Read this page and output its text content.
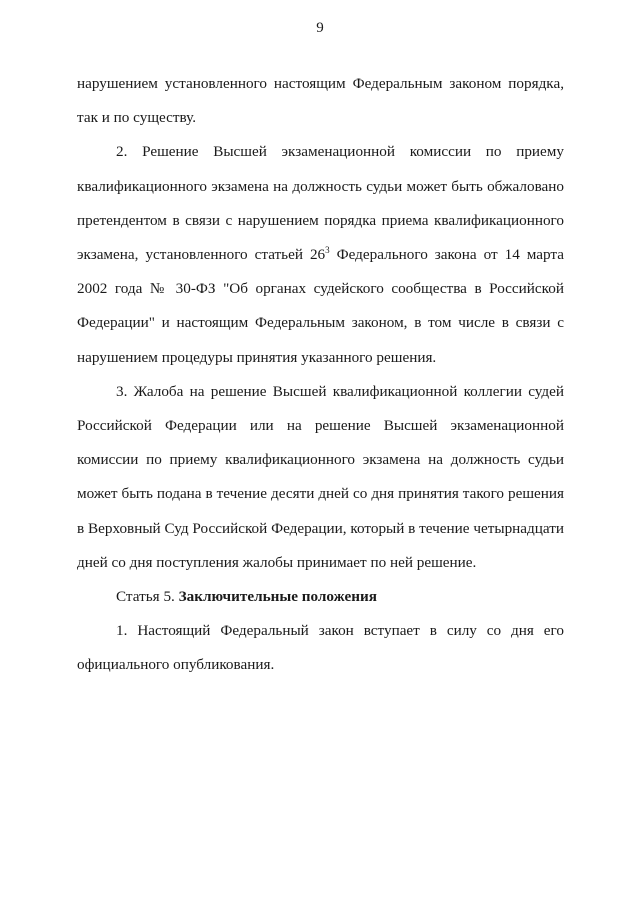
9

нарушением установленного настоящим Федеральным законом порядка, так и по существу.

2. Решение Высшей экзаменационной комиссии по приему квалификационного экзамена на должность судьи может быть обжаловано претендентом в связи с нарушением порядка приема квалификационного экзамена, установленного статьей $26^3$ Федерального закона от 14 марта 2002 года № 30-ФЗ "Об органах судейского сообщества в Российской Федерации" и настоящим Федеральным законом, в том числе в связи с нарушением процедуры принятия указанного решения.

3. Жалоба на решение Высшей квалификационной коллегии судей Российской Федерации или на решение Высшей экзаменационной комиссии по приему квалификационного экзамена на должность судьи может быть подана в течение десяти дней со дня принятия такого решения в Верховный Суд Российской Федерации, который в течение четырнадцати дней со дня поступления жалобы принимает по ней решение.

Статья 5. Заключительные положения

1. Настоящий Федеральный закон вступает в силу со дня его официального опубликования.
